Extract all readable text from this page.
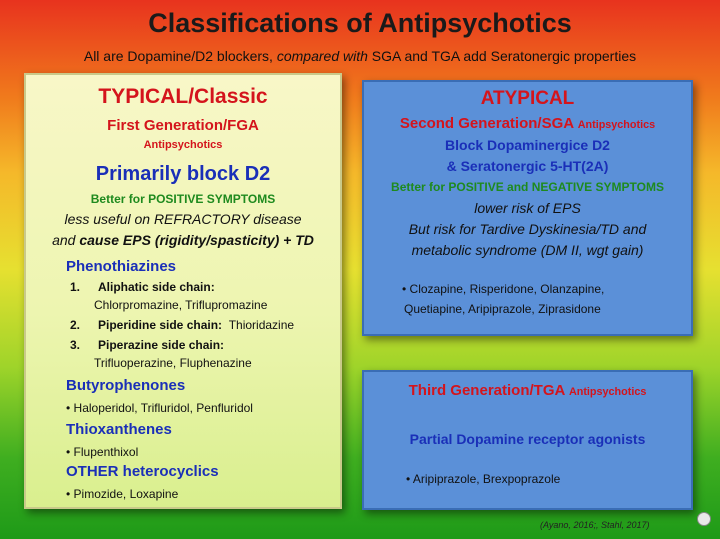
Classifications of Antipsychotics
All are Dopamine/D2 blockers, compared with SGA and TGA add Seratonergic properties
TYPICAL/Classic
First Generation/FGA
Antipsychotics
Primarily block D2
Better for POSITIVE SYMPTOMS
less useful on REFRACTORY disease
and cause EPS (rigidity/spasticity) + TD
Phenothiazines
1. Aliphatic side chain:
Chlorpromazine, Triflupromazine
2. Piperidine side chain: Thioridazine
3. Piperazine side chain:
Trifluoperazine, Fluphenazine
Butyrophenones
• Haloperidol, Trifluridol, Penfluridol
Thioxanthenes
• Flupenthixol
OTHER heterocyclics
• Pimozide, Loxapine
ATYPICAL
Second Generation/SGA Antipsychotics
Block Dopaminergice D2
& Seratonergic 5-HT(2A)
Better for POSITIVE and NEGATIVE SYMPTOMS
lower risk of EPS
But risk for Tardive Dyskinesia/TD and
metabolic syndrome (DM II, wgt gain)
• Clozapine, Risperidone, Olanzapine,
Quetiapine, Aripiprazole, Ziprasidone
Third Generation/TGA Antipsychotics
Partial Dopamine receptor agonists
• Aripiprazole, Brexpoprazole
(Ayano, 2016;, Stahl, 2017)
